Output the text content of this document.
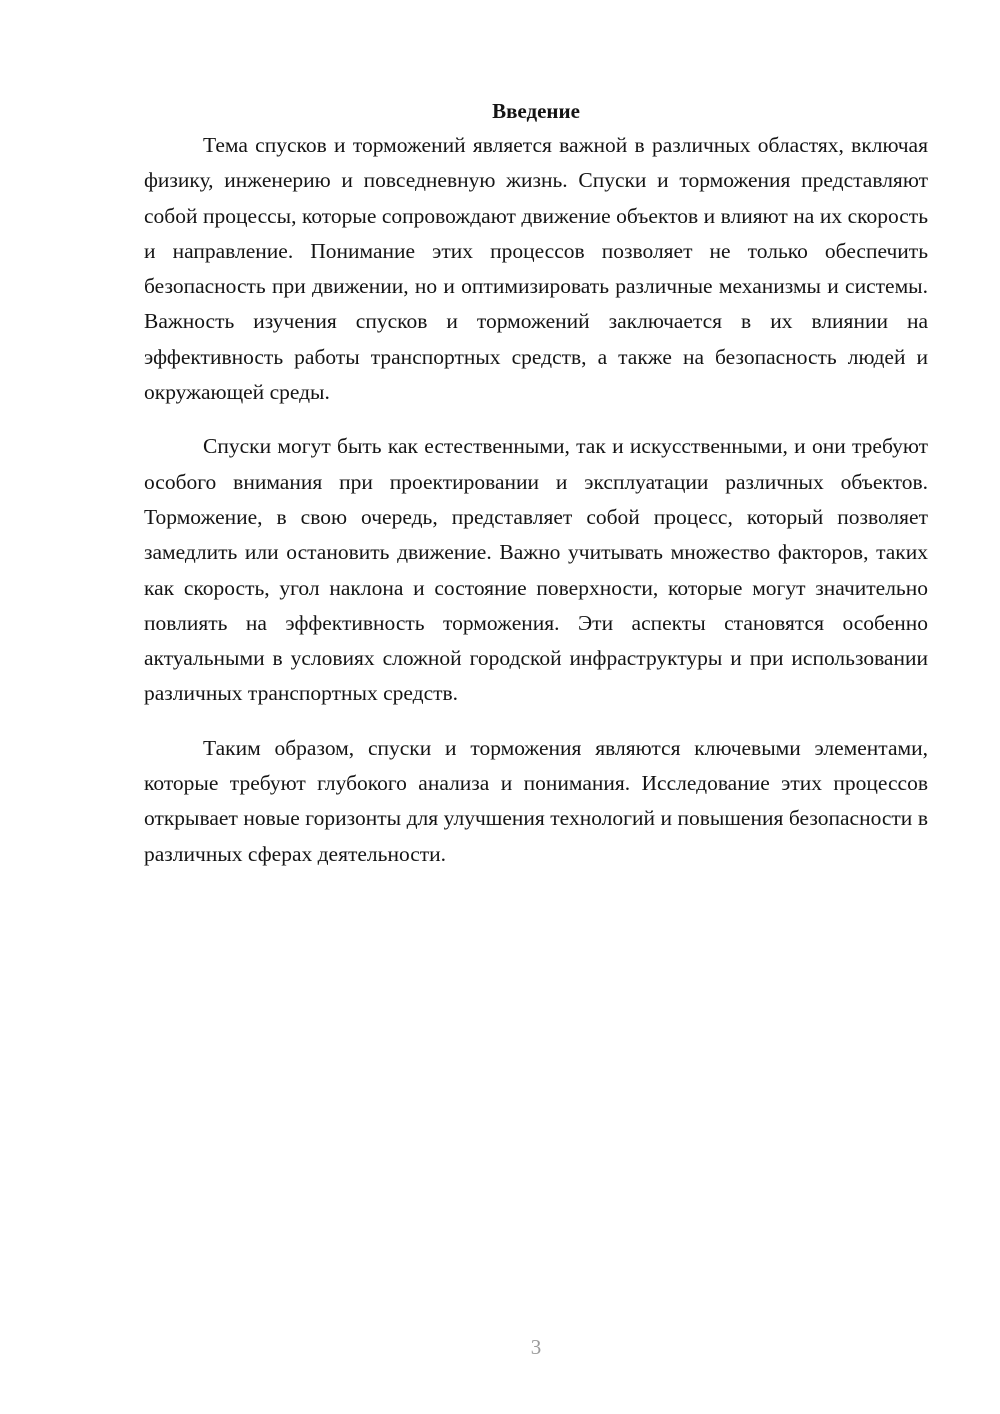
Введение

Тема спусков и торможений является важной в различных областях, включая физику, инженерию и повседневную жизнь. Спуски и торможения представляют собой процессы, которые сопровождают движение объектов и влияют на их скорость и направление. Понимание этих процессов позволяет не только обеспечить безопасность при движении, но и оптимизировать различные механизмы и системы. Важность изучения спусков и торможений заключается в их влиянии на эффективность работы транспортных средств, а также на безопасность людей и окружающей среды.

Спуски могут быть как естественными, так и искусственными, и они требуют особого внимания при проектировании и эксплуатации различных объектов. Торможение, в свою очередь, представляет собой процесс, который позволяет замедлить или остановить движение. Важно учитывать множество факторов, таких как скорость, угол наклона и состояние поверхности, которые могут значительно повлиять на эффективность торможения. Эти аспекты становятся особенно актуальными в условиях сложной городской инфраструктуры и при использовании различных транспортных средств.

Таким образом, спуски и торможения являются ключевыми элементами, которые требуют глубокого анализа и понимания. Исследование этих процессов открывает новые горизонты для улучшения технологий и повышения безопасности в различных сферах деятельности.

3
